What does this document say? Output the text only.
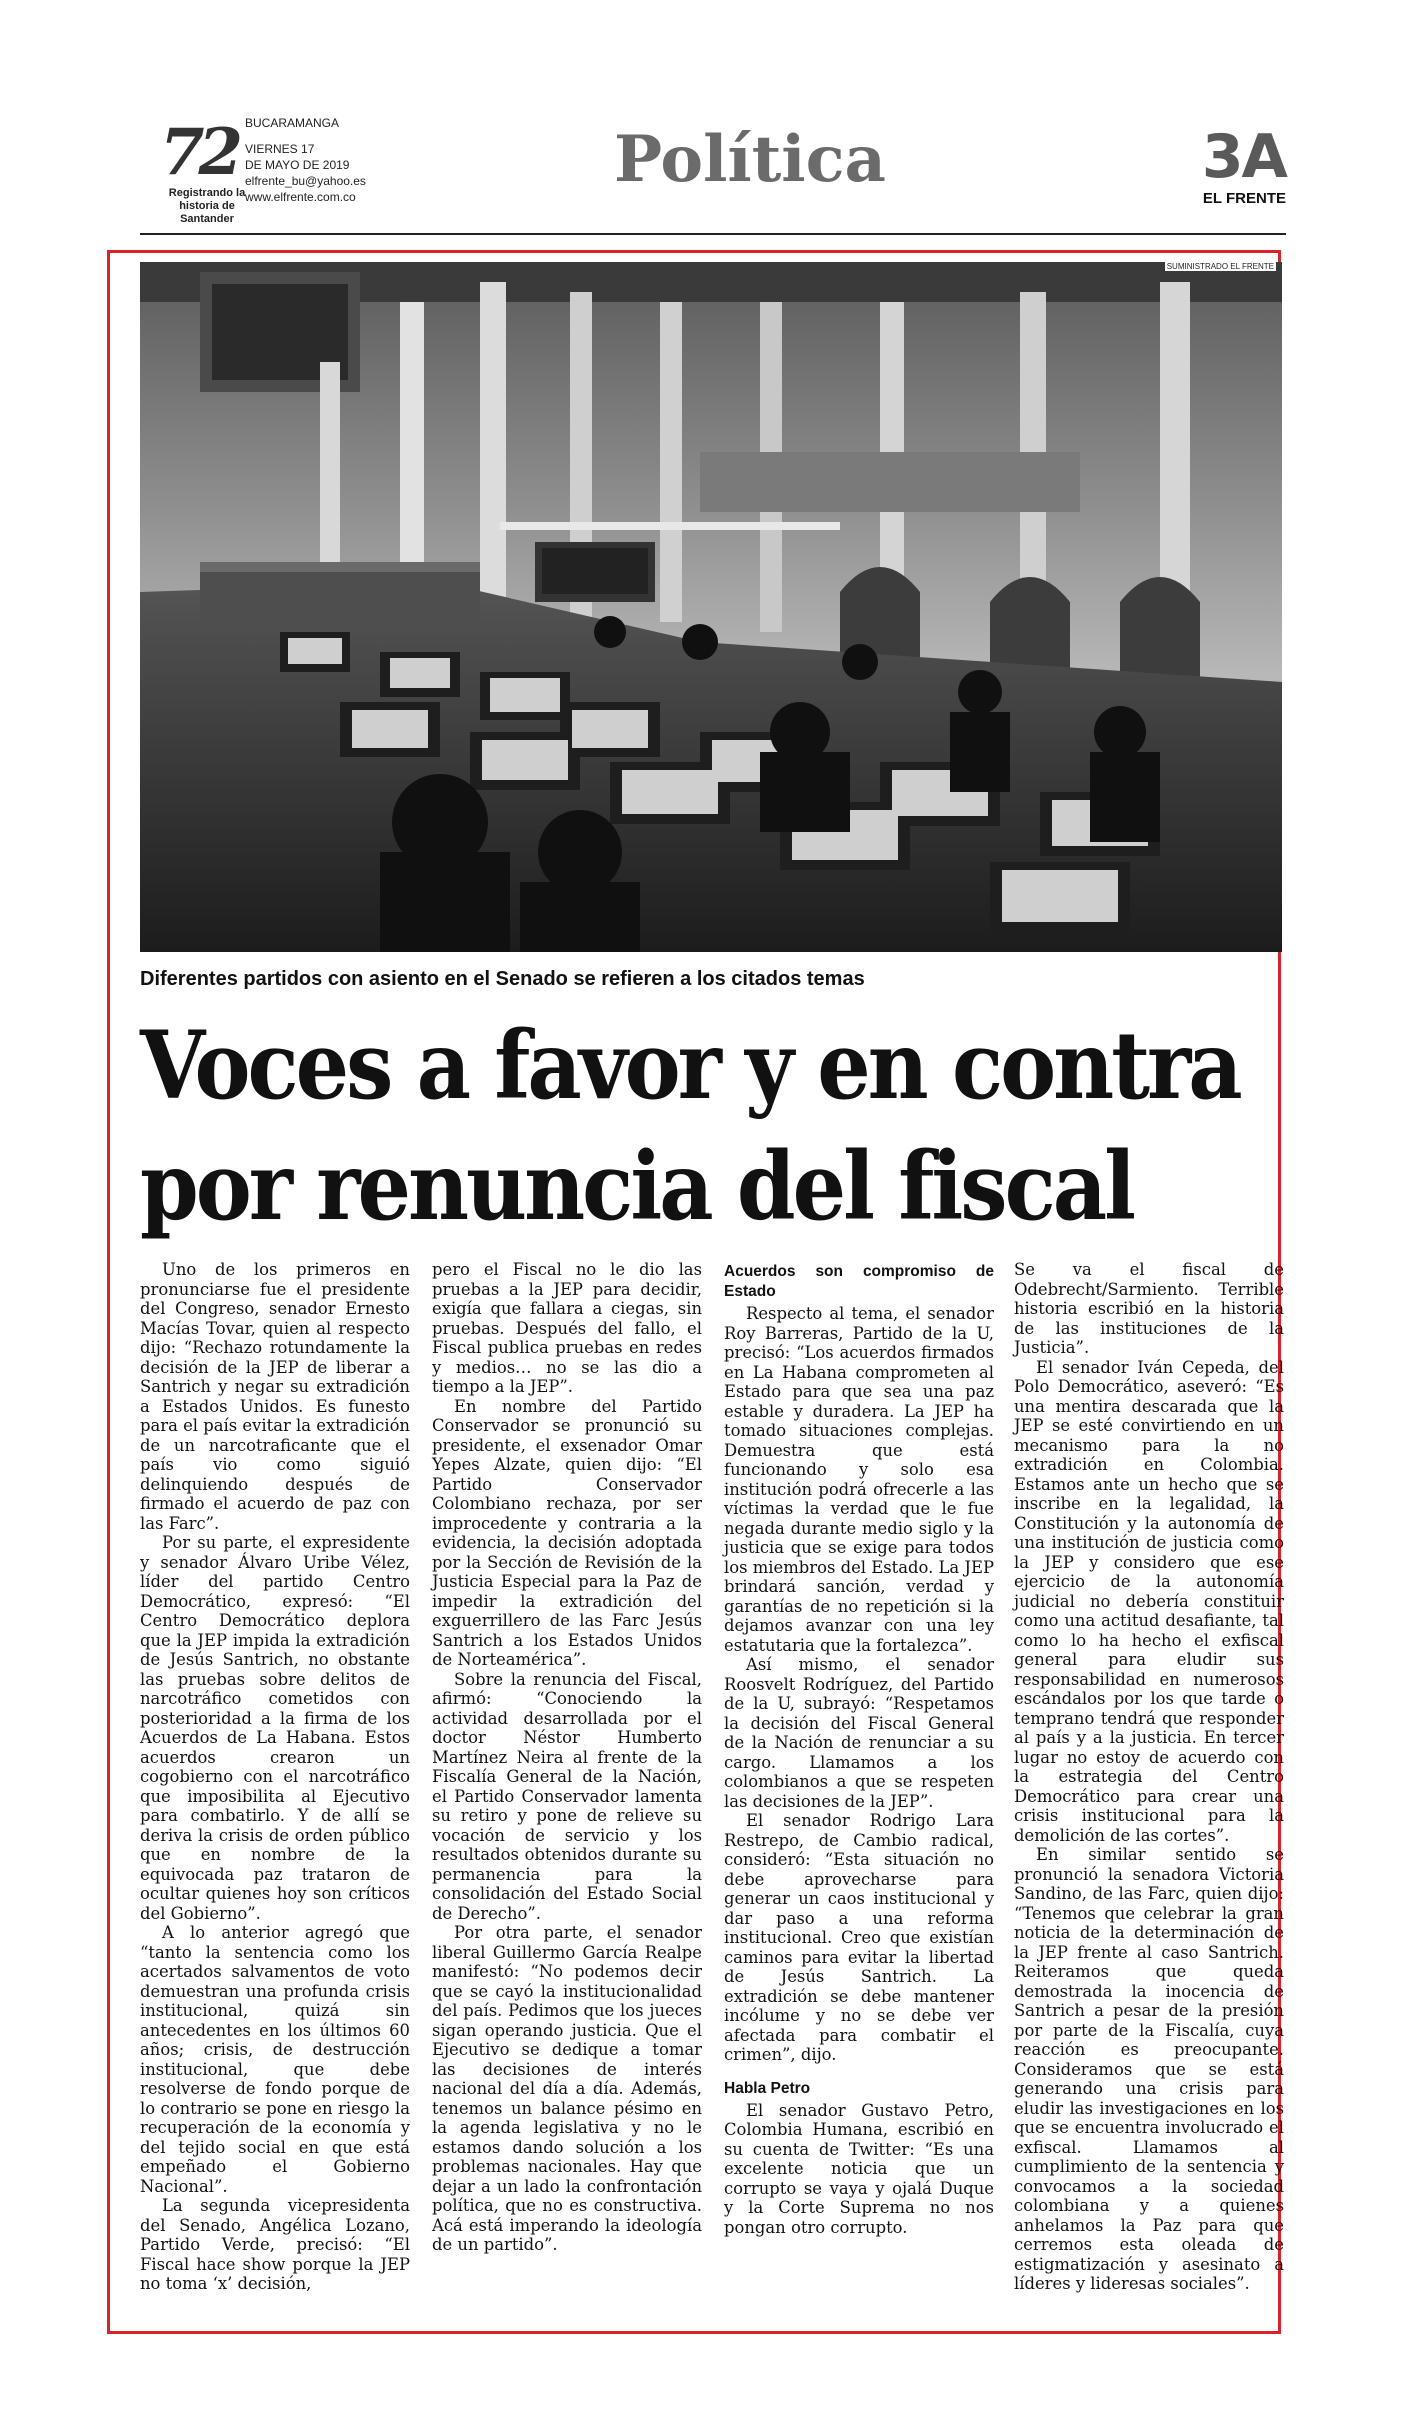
72
Registrando la historia de Santander
BUCARAMANGA
VIERNES 17
DE MAYO DE 2019
elfrente_bu@yahoo.es
www.elfrente.com.co	Política	3A
EL FRENTE
SUMINISTRADO EL FRENTE
Diferentes partidos con asiento en el Senado se refieren a los citados temas
Voces a favor y en contra
por renuncia del fiscal

Uno de los primeros en pronunciarse fue el presidente del Congreso, senador Ernesto Macías Tovar, quien al respecto dijo: “Rechazo rotundamente la decisión de la JEP de liberar a Santrich y negar su extradición a Estados Unidos. Es funesto para el país evitar la extradición de un narcotraficante que el país vio como siguió delinquiendo después de firmado el acuerdo de paz con las Farc”.

Por su parte, el expresidente y senador Álvaro Uribe Vélez, líder del partido Centro Democrático, expresó: “El Centro Democrático deplora que la JEP impida la extradición de Jesús Santrich, no obstante las pruebas sobre delitos de narcotráfico cometidos con posterioridad a la firma de los Acuerdos de La Habana. Estos acuerdos crearon un cogobierno con el narcotráfico que imposibilita al Ejecutivo para combatirlo. Y de allí se deriva la crisis de orden público que en nombre de la equivocada paz trataron de ocultar quienes hoy son críticos del Gobierno”.

A lo anterior agregó que “tanto la sentencia como los acertados salvamentos de voto demuestran una profunda crisis institucional, quizá sin antecedentes en los últimos 60 años; crisis, de destrucción institucional, que debe resolverse de fondo porque de lo contrario se pone en riesgo la recuperación de la economía y del tejido social en que está empeñado el Gobierno Nacional”.

La segunda vicepresidenta del Senado, Angélica Lozano, Partido Verde, precisó: “El Fiscal hace show porque la JEP no toma ‘x’ decisión,

pero el Fiscal no le dio las pruebas a la JEP para decidir, exigía que fallara a ciegas, sin pruebas. Después del fallo, el Fiscal publica pruebas en redes y medios… no se las dio a tiempo a la JEP”.

En nombre del Partido Conservador se pronunció su presidente, el exsenador Omar Yepes Alzate, quien dijo: “El Partido Conservador Colombiano rechaza, por ser improcedente y contraria a la evidencia, la decisión adoptada por la Sección de Revisión de la Justicia Especial para la Paz de impedir la extradición del exguerrillero de las Farc Jesús Santrich a los Estados Unidos de Norteamérica”.

Sobre la renuncia del Fiscal, afirmó: “Conociendo la actividad desarrollada por el doctor Néstor Humberto Martínez Neira al frente de la Fiscalía General de la Nación, el Partido Conservador lamenta su retiro y pone de relieve su vocación de servicio y los resultados obtenidos durante su permanencia para la consolidación del Estado Social de Derecho”.

Por otra parte, el senador liberal Guillermo García Realpe manifestó: “No podemos decir que se cayó la institucionalidad del país. Pedimos que los jueces sigan operando justicia. Que el Ejecutivo se dedique a tomar las decisiones de interés nacional del día a día. Además, tenemos un balance pésimo en la agenda legislativa y no le estamos dando solución a los problemas nacionales. Hay que dejar a un lado la confrontación política, que no es constructiva. Acá está imperando la ideología de un partido”.

Acuerdos son compromiso de Estado

Respecto al tema, el senador Roy Barreras, Partido de la U, precisó: “Los acuerdos firmados en La Habana comprometen al Estado para que sea una paz estable y duradera. La JEP ha tomado situaciones complejas. Demuestra que está funcionando y solo esa institución podrá ofrecerle a las víctimas la verdad que le fue negada durante medio siglo y la justicia que se exige para todos los miembros del Estado. La JEP brindará sanción, verdad y garantías de no repetición si la dejamos avanzar con una ley estatutaria que la fortalezca”.

Así mismo, el senador Roosvelt Rodríguez, del Partido de la U, subrayó: “Respetamos la decisión del Fiscal General de la Nación de renunciar a su cargo. Llamamos a los colombianos a que se respeten las decisiones de la JEP”.

El senador Rodrigo Lara Restrepo, de Cambio radical, consideró: “Esta situación no debe aprovecharse para generar un caos institucional y dar paso a una reforma institucional. Creo que existían caminos para evitar la libertad de Jesús Santrich. La extradición se debe mantener incólume y no se debe ver afectada para combatir el crimen”, dijo.

Habla Petro

El senador Gustavo Petro, Colombia Humana, escribió en su cuenta de Twitter: “Es una excelente noticia que un corrupto se vaya y ojalá Duque y la Corte Suprema no nos pongan otro corrupto.

Se va el fiscal de Odebrecht/Sarmiento. Terrible historia escribió en la historia de las instituciones de la Justicia”.

El senador Iván Cepeda, del Polo Democrático, aseveró: “Es una mentira descarada que la JEP se esté convirtiendo en un mecanismo para la no extradición en Colombia. Estamos ante un hecho que se inscribe en la legalidad, la Constitución y la autonomía de una institución de justicia como la JEP y considero que ese ejercicio de la autonomía judicial no debería constituir como una actitud desafiante, tal como lo ha hecho el exfiscal general para eludir sus responsabilidad en numerosos escándalos por los que tarde o temprano tendrá que responder al país y a la justicia. En tercer lugar no estoy de acuerdo con la estrategia del Centro Democrático para crear una crisis institucional para la demolición de las cortes”.

En similar sentido se pronunció la senadora Victoria Sandino, de las Farc, quien dijo: “Tenemos que celebrar la gran noticia de la determinación de la JEP frente al caso Santrich. Reiteramos que queda demostrada la inocencia de Santrich a pesar de la presión por parte de la Fiscalía, cuya reacción es preocupante. Consideramos que se está generando una crisis para eludir las investigaciones en los que se encuentra involucrado el exfiscal. Llamamos al cumplimiento de la sentencia y convocamos a la sociedad colombiana y a quienes anhelamos la Paz para que cerremos esta oleada de estigmatización y asesinato a líderes y lideresas sociales”.
